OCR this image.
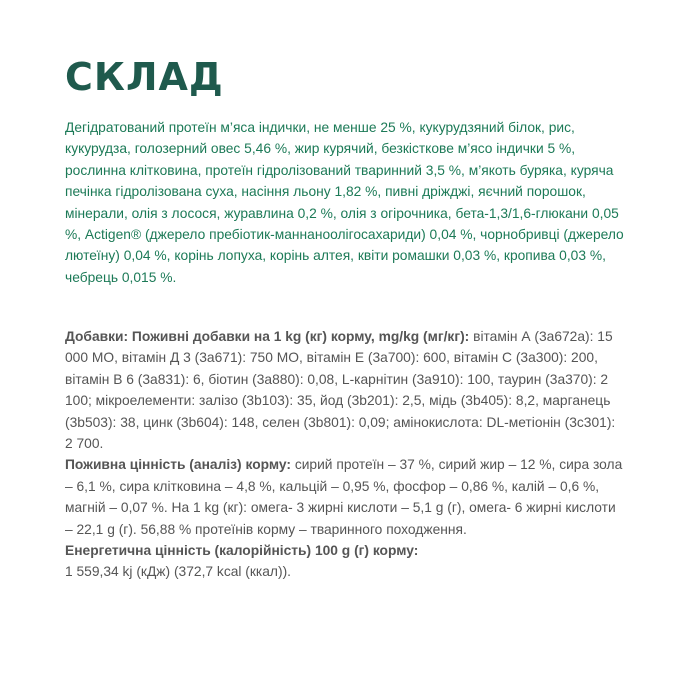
СКЛАД

Дегідратований протеїн м’яса індички, не менше 25 %, кукурудзяний білок, рис, кукурудза, голозерний овес 5,46 %, жир курячий, безкісткове м’ясо індички 5 %, рослинна клітковина, протеїн гідролізований тваринний 3,5 %, м’якоть буряка, куряча печінка гідролізована суха, насіння льону 1,82 %, пивні дріжджі, яєчний порошок, мінерали, олія з лосося, журавлина 0,2 %, олія з огірочника, бета-1,3/1,6-глюкани 0,05 %, Actigen® (джерело пребіотик-маннаноолігосахариди) 0,04 %, чорнобривці (джерело лютеїну) 0,04 %, корінь лопуха, корінь алтея, квіти ромашки 0,03 %, кропива 0,03 %, чебрець 0,015 %.

Добавки: Поживні добавки на 1 kg (кг) корму, mg/kg (мг/кг): вітамін А (3а672а): 15 000 МО, вітамін Д 3 (3а671): 750 МО, вітамін Е (3а700): 600, вітамін С (3а300): 200, вітамін В 6 (3а831): 6, біотин (3а880): 0,08, L-карнітин (3а910): 100, таурин (3а370): 2 100; мікроелементи: залізо (3b103): 35, йод (3b201): 2,5, мідь (3b405): 8,2, марганець (3b503): 38, цинк (3b604): 148, селен (3b801): 0,09; амінокислота: DL-метіонін (3c301): 2 700.

Поживна цінність (аналіз) корму: сирий протеїн – 37 %, сирий жир – 12 %, сира зола – 6,1 %, сира клітковина – 4,8 %, кальцій – 0,95 %, фосфор – 0,86 %, калій – 0,6 %, магній – 0,07 %. На 1 kg (кг): омега- 3 жирні кислоти – 5,1 g (г), омега- 6 жирні кислоти – 22,1 g (г). 56,88 % протеїнів корму – тваринного походження.

Енергетична цінність (калорійність) 100 g (г) корму:

1 559,34 kj (кДж) (372,7 kcal (ккал)).
